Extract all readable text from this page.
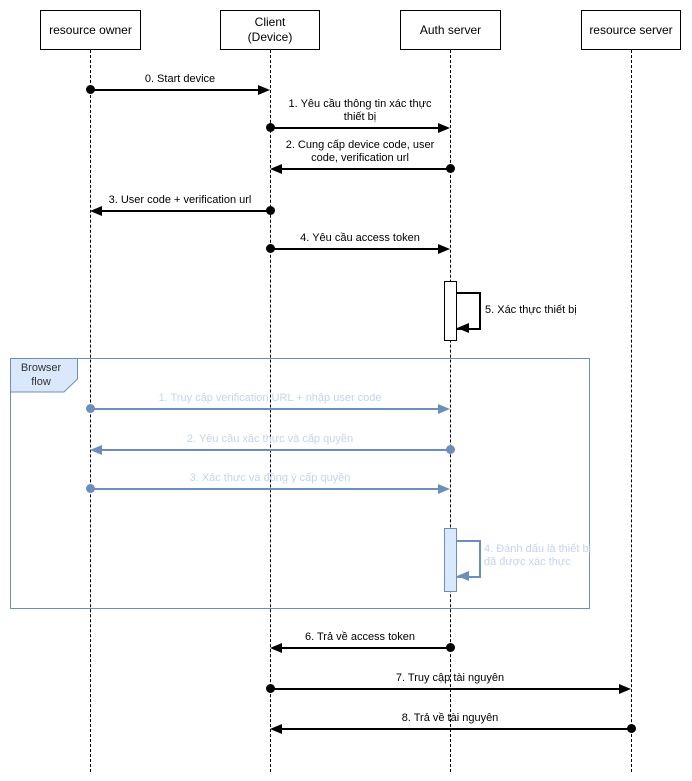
resource owner
Client
(Device)
Auth server	resource server
0. Start device
1. Yêu cầu thông tin xác thực thiết bị
2. Cung cấp device code, user code, verification url
3. User code + verification url
4. Yêu cầu access token
5. Xác thực thiết bị
Browser flow
1. Truy cập verification URL + nhập user code
2. Yêu cầu xác thực và cấp quyền
3. Xác thực và đồng ý cấp quyền
4. Đánh dấu là thiết bị đã được xác thực
6. Trả về access token
7. Truy cập tài nguyên
8. Trả về tài nguyên
